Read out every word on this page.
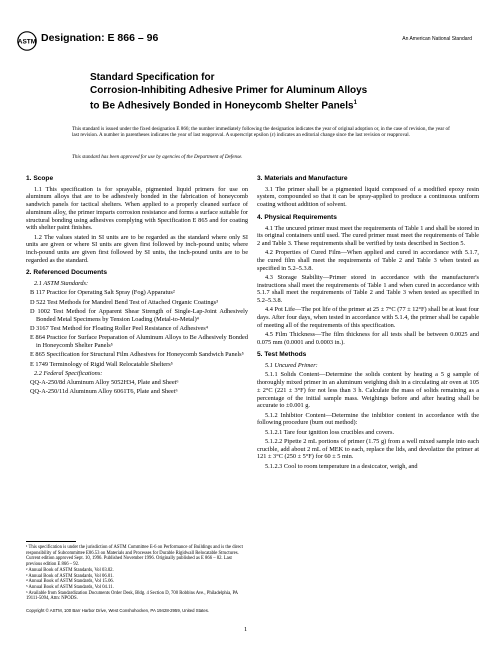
ASTM Designation: E 866 – 96	An American National Standard
Standard Specification for
Corrosion-Inhibiting Adhesive Primer for Aluminum Alloys
to Be Adhesively Bonded in Honeycomb Shelter Panels$^1$
This standard is issued under the fixed designation E 866; the number immediately following the designation indicates the year of original adoption or, in the case of revision, the year of last revision. A number in parentheses indicates the year of last reapproval. A superscript epsilon (ε) indicates an editorial change since the last revision or reapproval.
This standard has been approved for use by agencies of the Department of Defense.

1. Scope

1.1 This specification is for sprayable, pigmented liquid primers for use on aluminum alloys that are to be adhesively bonded in the fabrication of honeycomb sandwich panels for tactical shelters. When applied to a properly cleaned surface of aluminum alloy, the primer imparts corrosion resistance and forms a surface suitable for structural bonding using adhesives complying with Specification E 865 and for coating with shelter paint finishes.

1.2 The values stated in SI units are to be regarded as the standard where only SI units are given or where SI units are given first followed by inch-pound units; where inch-pound units are given first followed by SI units, the inch-pound units are to be regarded as the standard.

2. Referenced Documents

2.1 ASTM Standards:

B 117 Practice for Operating Salt Spray (Fog) Apparatus²

D 522 Test Methods for Mandrel Bend Test of Attached Organic Coatings³

D 1002 Test Method for Apparent Shear Strength of Single-Lap-Joint Adhesively Bonded Metal Specimens by Tension Loading (Metal-to-Metal)⁴

D 3167 Test Method for Floating Roller Peel Resistance of Adhesives⁴

E 864 Practice for Surface Preparation of Aluminum Alloys to Be Adhesively Bonded in Honeycomb Shelter Panels⁵

E 865 Specification for Structural Film Adhesives for Honeycomb Sandwich Panels⁵

E 1749 Terminology of Rigid Wall Relocatable Shelters⁵

2.2 Federal Specifications:

QQ-A-250/8d Aluminum Alloy 5052H34, Plate and Sheet⁶

QQ-A-250/11d Aluminum Alloy 6061T6, Plate and Sheet⁶

¹ This specification is under the jurisdiction of ASTM Committee E-6 on Performance of Buildings and is the direct responsibility of Subcommittee E06.53 on Materials and Processes for Durable Rigidwall Relocatable Structures.

Current edition approved Sept. 10, 1996. Published November 1996. Originally published as E 866 – 82. Last previous edition E 866 – 92.

² Annual Book of ASTM Standards, Vol 03.02.

³ Annual Book of ASTM Standards, Vol 06.01.

⁴ Annual Book of ASTM Standards, Vol 15.06.

⁵ Annual Book of ASTM Standards, Vol 04.11.

⁶ Available from Standardization Documents Order Desk, Bldg. 4 Section D, 700 Robbins Ave., Philadelphia, PA 19111-5094, Attn: NPODS.

3. Materials and Manufacture

3.1 The primer shall be a pigmented liquid composed of a modified epoxy resin system, compounded so that it can be spray-applied to produce a continuous uniform coating without addition of solvent.

4. Physical Requirements

4.1 The uncured primer must meet the requirements of Table 1 and shall be stored in its original containers until used. The cured primer must meet the requirements of Table 2 and Table 3. These requirements shall be verified by tests described in Section 5.

4.2 Properties of Cured Film—When applied and cured in accordance with 5.1.7, the cured film shall meet the requirements of Table 2 and Table 3 when tested as specified in 5.2–5.3.8.

4.3 Storage Stability—Primer stored in accordance with the manufacturer's instructions shall meet the requirements of Table 1 and when cured in accordance with 5.1.7 shall meet the requirements of Table 2 and Table 3 when tested as specified in 5.2–5.3.8.

4.4 Pot Life—The pot life of the primer at 25 ± 7°C (77 ± 12°F) shall be at least four days. After four days, when tested in accordance with 5.1.4, the primer shall be capable of meeting all of the requirements of this specification.

4.5 Film Thickness—The film thickness for all tests shall be between 0.0025 and 0.075 mm (0.0001 and 0.0003 in.).

5. Test Methods

5.1 Uncured Primer:

5.1.1 Solids Content—Determine the solids content by heating a 5 g sample of thoroughly mixed primer in an aluminum weighing dish in a circulating air oven at 105 ± 2°C (221 ± 3°F) for not less than 3 h. Calculate the mass of solids remaining as a percentage of the initial sample mass. Weighings before and after heating shall be accurate to ±0.001 g.

5.1.2 Inhibitor Content—Determine the inhibitor content in accordance with the following procedure (burn out method):

5.1.2.1 Tare four ignition loss crucibles and covers.

5.1.2.2 Pipette 2 mL portions of primer (1.75 g) from a well mixed sample into each crucible, add about 2 mL of MEK to each, replace the lids, and devolatize the primer at 121 ± 3°C (250 ± 5°F) for 60 ± 5 min.

5.1.2.3 Cool to room temperature in a desiccator, weigh, and

Copyright © ASTM, 100 Barr Harbor Drive, West Conshohocken, PA 19428-2959, United States.
1
